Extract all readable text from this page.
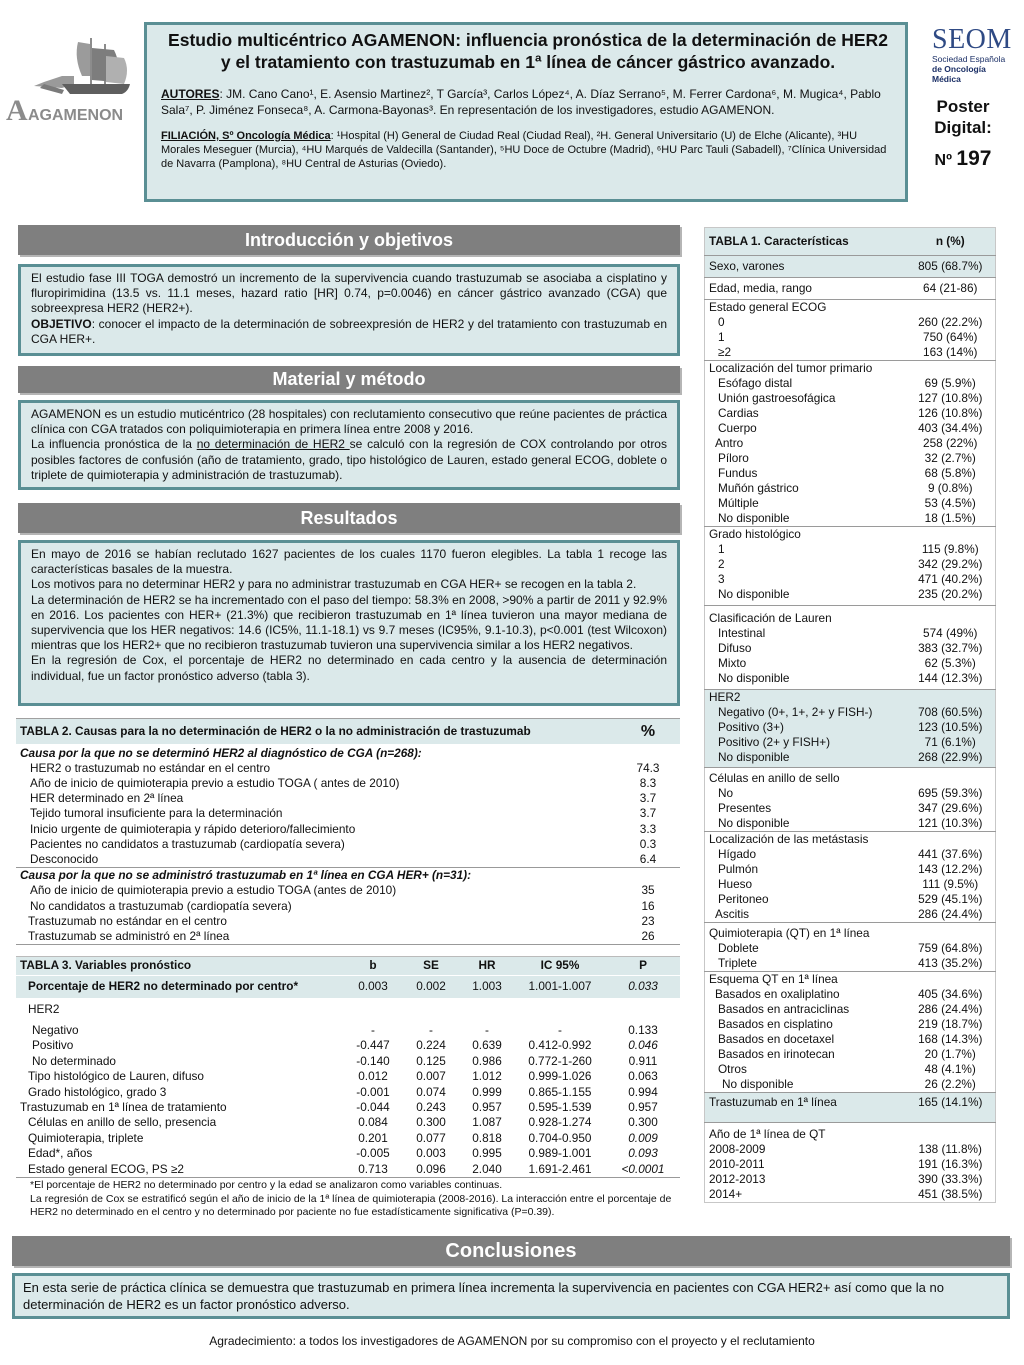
A AGAMENON
Estudio multicéntrico AGAMENON: influencia pronóstica de la determinación de HER2 y el tratamiento con trastuzumab en 1ª línea de cáncer gástrico avanzado.
AUTORES: JM. Cano Cano¹, E. Asensio Martinez², T García³, Carlos López⁴, A. Díaz Serrano⁵, M. Ferrer Cardona⁶, M. Mugica⁴, Pablo Sala⁷, P. Jiménez Fonseca⁸, A. Carmona-Bayonas³. En representación de los investigadores, estudio AGAMENON.
FILIACIÓN, Sº Oncología Médica: ¹Hospital (H) General de Ciudad Real (Ciudad Real), ²H. General Universitario (U) de Elche (Alicante), ³HU Morales Meseguer (Murcia), ⁴HU Marqués de Valdecilla (Santander), ⁵HU Doce de Octubre (Madrid), ⁶HU Parc Tauli (Sabadell), ⁷Clínica Universidad de Navarra (Pamplona), ⁸HU Central de Asturias (Oviedo).
SEOM
Sociedad Española
de Oncología Médica
Poster Digital:
Nº 197
Introducción y objetivos
El estudio fase III TOGA demostró un incremento de la supervivencia cuando trastuzumab se asociaba a cisplatino y fluropirimidina (13.5 vs. 11.1 meses, hazard ratio [HR] 0.74, p=0.0046) en cáncer gástrico avanzado (CGA) que sobreexpresa HER2 (HER2+).
OBJETIVO: conocer el impacto de la determinación de sobreexpresión de HER2 y del tratamiento con trastuzumab en CGA HER+.
Material y método
AGAMENON es un estudio muticéntrico (28 hospitales) con reclutamiento consecutivo que reúne pacientes de práctica clínica con CGA tratados con poliquimioterapia en primera línea entre 2008 y 2016.
La influencia pronóstica de la no determinación de HER2 se calculó con la regresión de COX controlando por otros posibles factores de confusión (año de tratamiento, grado, tipo histológico de Lauren, estado general ECOG, doblete o triplete de quimioterapia y administración de trastuzumab).
Resultados
En mayo de 2016 se habían reclutado 1627 pacientes de los cuales 1170 fueron elegibles. La tabla 1 recoge las características basales de la muestra.
Los motivos para no determinar HER2 y para no administrar trastuzumab en CGA HER+ se recogen en la tabla 2.
La determinación de HER2 se ha incrementado con el paso del tiempo: 58.3% en 2008, >90% a partir de 2011 y 92.9% en 2016. Los pacientes con HER+ (21.3%) que recibieron trastuzumab en 1ª línea tuvieron una mayor mediana de supervivencia que los HER negativos: 14.6 (IC5%, 11.1-18.1) vs 9.7 meses (IC95%, 9.1-10.3), p<0.001 (test Wilcoxon) mientras que los HER2+ que no recibieron trastuzumab tuvieron una supervivencia similar a los HER2 negativos.
En la regresión de Cox, el porcentaje de HER2 no determinado en cada centro y la ausencia de determinación individual, fue un factor pronóstico adverso (tabla 3).
TABLA 2. Causas para la no determinación de HER2 o la no administración de trastuzumab	%
Causa por la que no se determinó HER2 al diagnóstico de CGA (n=268):	
HER2 o trastuzumab no estándar en el centro	74.3
Año de inicio de quimioterapia previo a estudio TOGA ( antes de 2010)	8.3
HER determinado en 2ª línea	3.7
Tejido tumoral insuficiente para la determinación	3.7
Inicio urgente de quimioterapia y rápido deterioro/fallecimiento	3.3
Pacientes no candidatos a trastuzumab (cardiopatía severa)	0.3
Desconocido	6.4
Causa por la que no se administró trastuzumab en 1ª línea en CGA HER+ (n=31):	
Año de inicio de quimioterapia previo a estudio TOGA (antes de 2010)	35
No candidatos a trastuzumab (cardiopatía severa)	16
Trastuzumab no estándar en el centro	23
Trastuzumab se administró en 2ª línea	26
TABLA 3. Variables pronóstico	b	SE	HR	IC 95%	P
Porcentaje de HER2 no determinado por centro*	0.003	0.002	1.003	1.001-1.007	0.033
HER2					
Negativo	-	-	-	-	0.133
Positivo	-0.447	0.224	0.639	0.412-0.992	0.046
No determinado	-0.140	0.125	0.986	0.772-1-260	0.911
Tipo histológico de Lauren, difuso	0.012	0.007	1.012	0.999-1.026	0.063
Grado histológico, grado 3	-0.001	0.074	0.999	0.865-1.155	0.994
Trastuzumab en 1ª línea de tratamiento	-0.044	0.243	0.957	0.595-1.539	0.957
Células en anillo de sello, presencia	0.084	0.300	1.087	0.928-1.274	0.300
Quimioterapia, triplete	0.201	0.077	0.818	0.704-0.950	0.009
Edad*, años	-0.005	0.003	0.995	0.989-1.001	0.093
Estado general ECOG, PS ≥2	0.713	0.096	2.040	1.691-2.461	<0.0001
*El porcentaje de HER2 no determinado por centro y la edad se analizaron como variables continuas.
La regresión de Cox se estratificó según el año de inicio de la 1ª línea de quimioterapia (2008-2016). La interacción entre el porcentaje de HER2 no determinado en el centro y no determinado por paciente no fue estadísticamente significativa (P=0.39).
TABLA 1. Características	n (%)
Sexo, varones	805 (68.7%)
Edad, media, rango	64 (21-86)
Estado general ECOG	
0	260 (22.2%)
1	750 (64%)
≥2	163 (14%)
Localización del tumor primario	
Esófago distal	69 (5.9%)
Unión gastroesofágica	127 (10.8%)
Cardias	126 (10.8%)
Cuerpo	403 (34.4%)
Antro	258 (22%)
Píloro	32 (2.7%)
Fundus	68 (5.8%)
Muñón gástrico	9 (0.8%)
Múltiple	53 (4.5%)
No disponible	18 (1.5%)
Grado histológico	
1	115 (9.8%)
2	342 (29.2%)
3	471 (40.2%)
No disponible	235 (20.2%)
Clasificación de Lauren	
Intestinal	574 (49%)
Difuso	383 (32.7%)
Mixto	62 (5.3%)
No disponible	144 (12.3%)
HER2	
Negativo (0+, 1+, 2+ y FISH-)	708 (60.5%)
Positivo (3+)	123 (10.5%)
Positivo (2+ y FISH+)	71 (6.1%)
No disponible	268 (22.9%)
Células en anillo de sello	
No	695 (59.3%)
Presentes	347 (29.6%)
No disponible	121 (10.3%)
Localización de las metástasis	
Hígado	441 (37.6%)
Pulmón	143 (12.2%)
Hueso	111 (9.5%)
Peritoneo	529 (45.1%)
Ascitis	286 (24.4%)
Quimioterapia (QT) en 1ª línea	
Doblete	759 (64.8%)
Triplete	413 (35.2%)
Esquema QT en 1ª línea	
Basados en oxaliplatino	405 (34.6%)
Basados en antraciclinas	286 (24.4%)
Basados en cisplatino	219 (18.7%)
Basados en docetaxel	168 (14.3%)
Basados en irinotecan	20 (1.7%)
Otros	48 (4.1%)
No disponible	26 (2.2%)
Trastuzumab en 1ª línea	165 (14.1%)
Año de 1ª línea de QT	
2008-2009	138 (11.8%)
2010-2011	191 (16.3%)
2012-2013	390 (33.3%)
2014+	451 (38.5%)
Conclusiones
En esta serie de práctica clínica se demuestra que trastuzumab en primera línea incrementa la supervivencia en pacientes con CGA HER2+ así como que la no determinación de HER2 es un factor pronóstico adverso.
Agradecimiento: a todos los investigadores de AGAMENON por su compromiso con el proyecto y el reclutamiento
